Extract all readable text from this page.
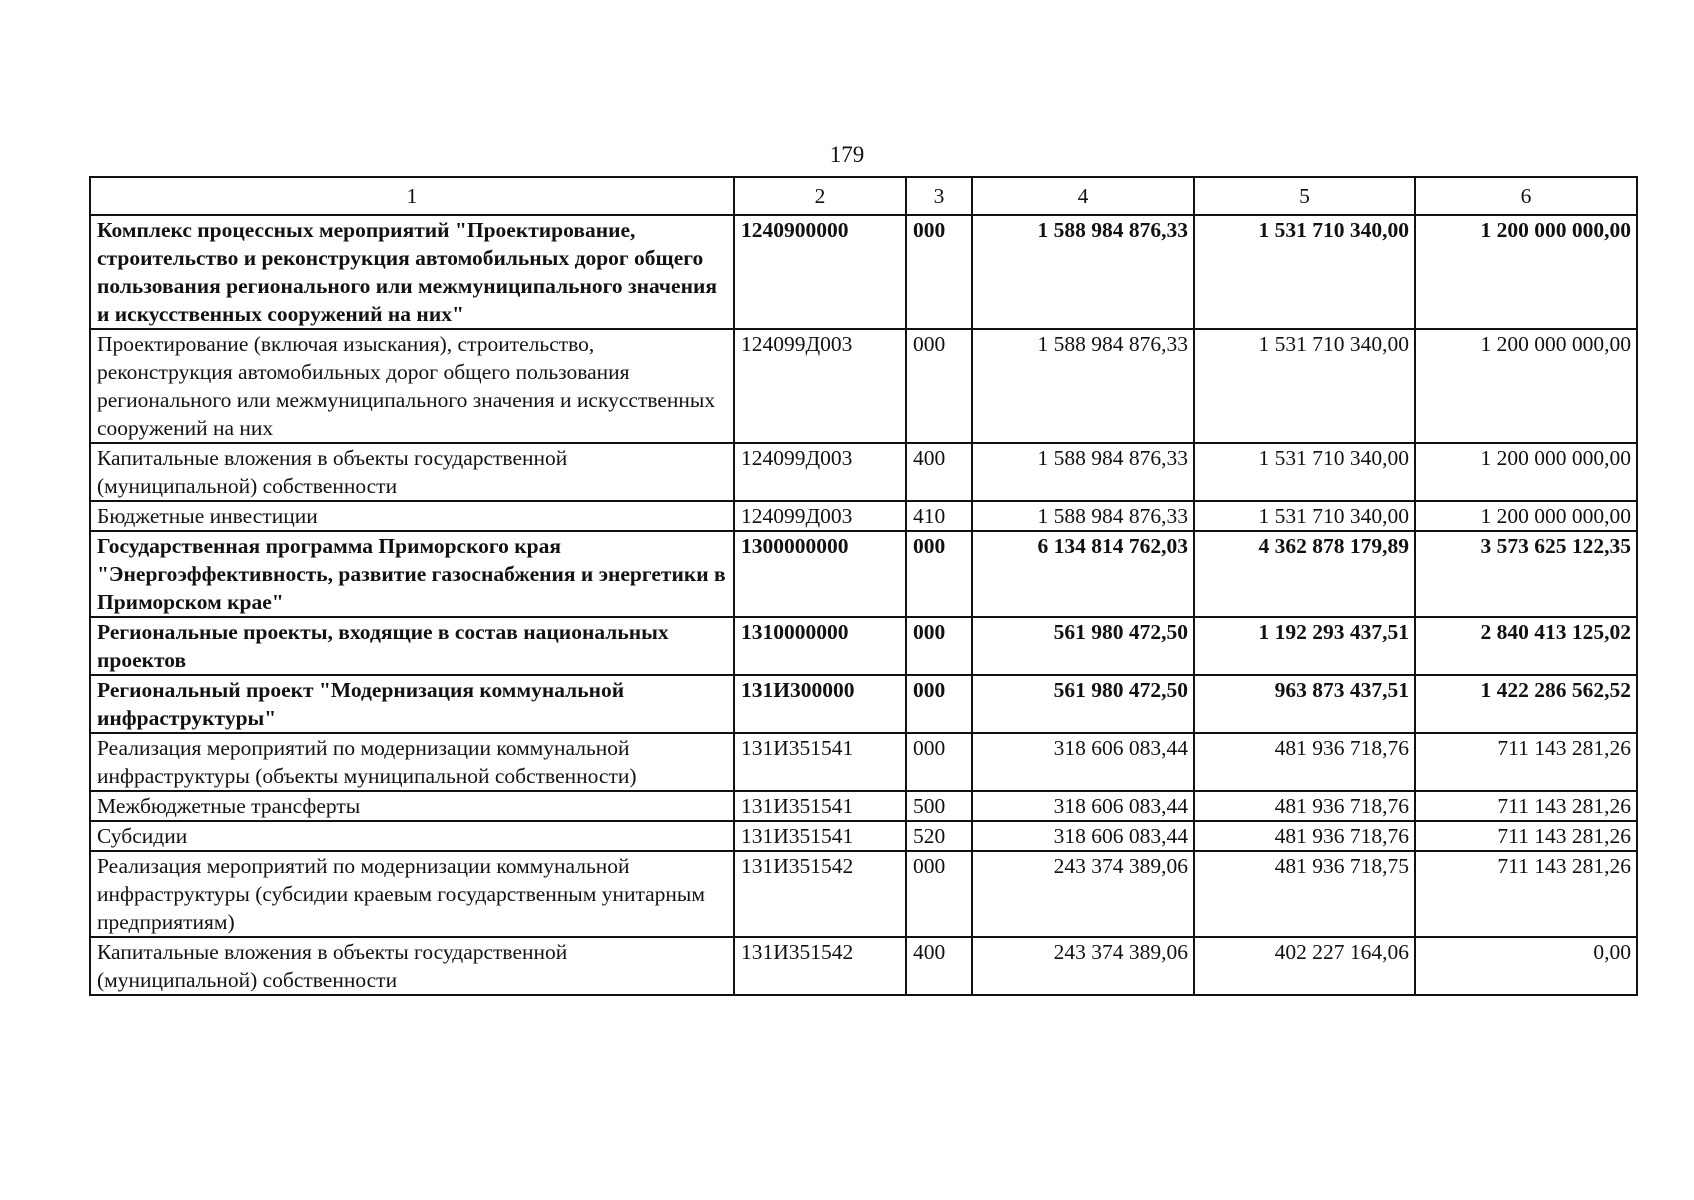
179
1	2	3	4	5	6
Комплекс процессных мероприятий "Проектирование, строительство и реконструкция автомобильных дорог общего пользования регионального или межмуниципального значения и искусственных сооружений на них"	1240900000	000	1 588 984 876,33	1 531 710 340,00	1 200 000 000,00
Проектирование (включая изыскания), строительство, реконструкция автомобильных дорог общего пользования регионального или межмуниципального значения и искусственных сооружений на них	124099Д003	000	1 588 984 876,33	1 531 710 340,00	1 200 000 000,00
Капитальные вложения в объекты государственной (муниципальной) собственности	124099Д003	400	1 588 984 876,33	1 531 710 340,00	1 200 000 000,00
Бюджетные инвестиции	124099Д003	410	1 588 984 876,33	1 531 710 340,00	1 200 000 000,00
Государственная программа Приморского края "Энергоэффективность, развитие газоснабжения и энергетики в Приморском крае"	1300000000	000	6 134 814 762,03	4 362 878 179,89	3 573 625 122,35
Региональные проекты, входящие в состав национальных проектов	1310000000	000	561 980 472,50	1 192 293 437,51	2 840 413 125,02
Региональный проект "Модернизация коммунальной инфраструктуры"	131И300000	000	561 980 472,50	963 873 437,51	1 422 286 562,52
Реализация мероприятий по модернизации коммунальной инфраструктуры (объекты муниципальной собственности)	131И351541	000	318 606 083,44	481 936 718,76	711 143 281,26
Межбюджетные трансферты	131И351541	500	318 606 083,44	481 936 718,76	711 143 281,26
Субсидии	131И351541	520	318 606 083,44	481 936 718,76	711 143 281,26
Реализация мероприятий по модернизации коммунальной инфраструктуры (субсидии краевым государственным унитарным предприятиям)	131И351542	000	243 374 389,06	481 936 718,75	711 143 281,26
Капитальные вложения в объекты государственной (муниципальной) собственности	131И351542	400	243 374 389,06	402 227 164,06	0,00
